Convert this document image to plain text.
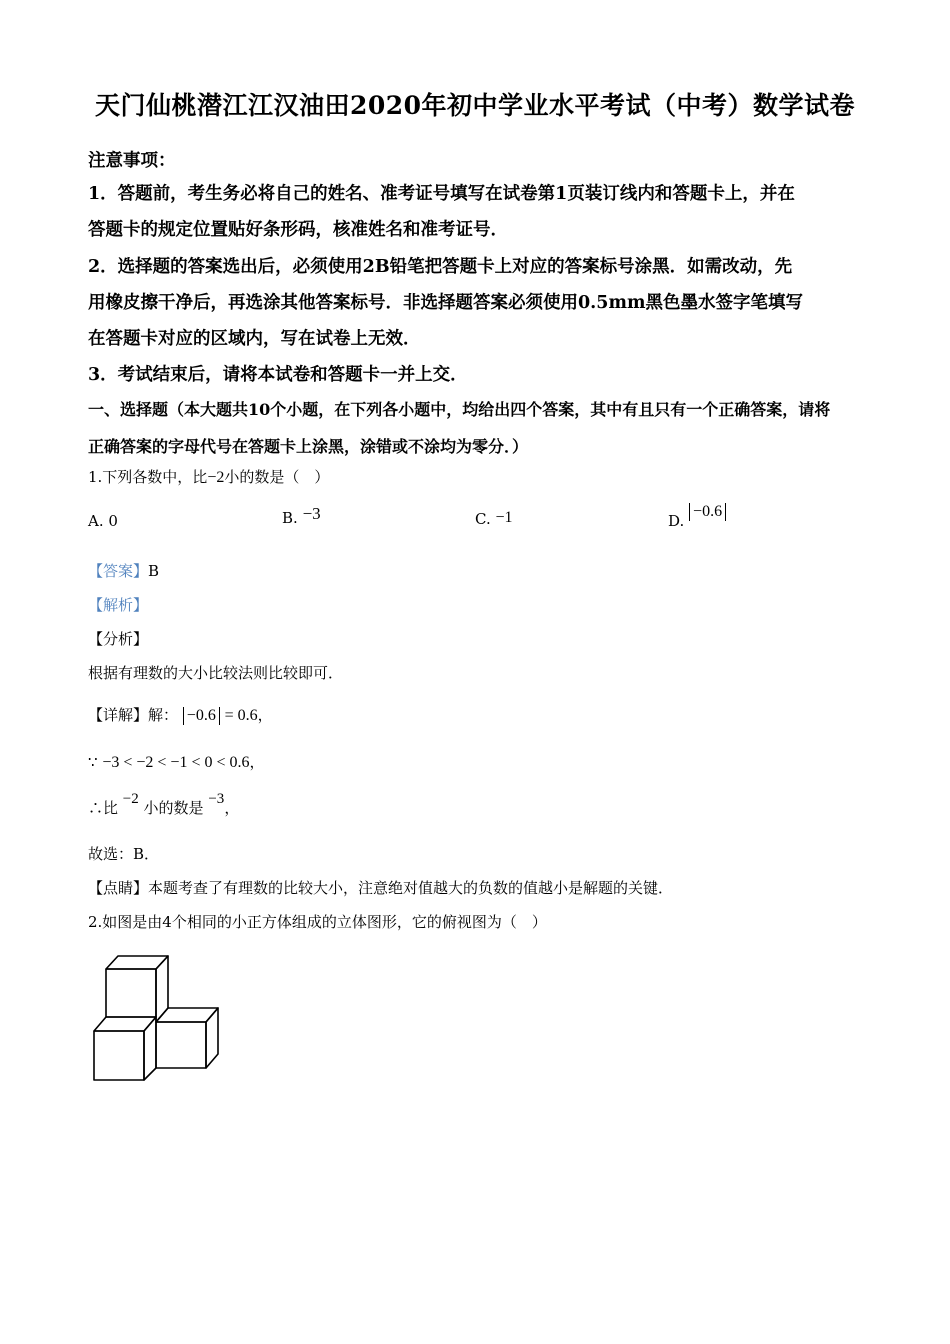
天门仙桃潜江江汉油田2020年初中学业水平考试（中考）数学试卷
注意事项：
1．答题前，考生务必将自己的姓名、准考证号填写在试卷第1页装订线内和答题卡上，并在
答题卡的规定位置贴好条形码，核准姓名和准考证号．
2．选择题的答案选出后，必须使用2B铅笔把答题卡上对应的答案标号涂黑．如需改动，先
用橡皮擦干净后，再选涂其他答案标号．非选择题答案必须使用0.5mm黑色墨水签字笔填写
在答题卡对应的区域内，写在试卷上无效．
3．考试结束后，请将本试卷和答题卡一并上交．
一、选择题（本大题共10个小题，在下列各小题中，均给出四个答案，其中有且只有一个正确答案，请将
正确答案的字母代号在答题卡上涂黑，涂错或不涂均为零分．）
1.下列各数中，比−2小的数是（　）
A. 0	B. −3	C. −1	D. −0.6
【答案】B
【解析】
【分析】
根据有理数的大小比较法则比较即可．
【详解】解： −0.6 = 0.6，
∵ −3 < −2 < −1 < 0 < 0.6，
∴比 −2 小的数是 −3，
故选：B．
【点睛】本题考查了有理数的比较大小，注意绝对值越大的负数的值越小是解题的关键．
2.如图是由4个相同的小正方体组成的立体图形，它的俯视图为（　）
